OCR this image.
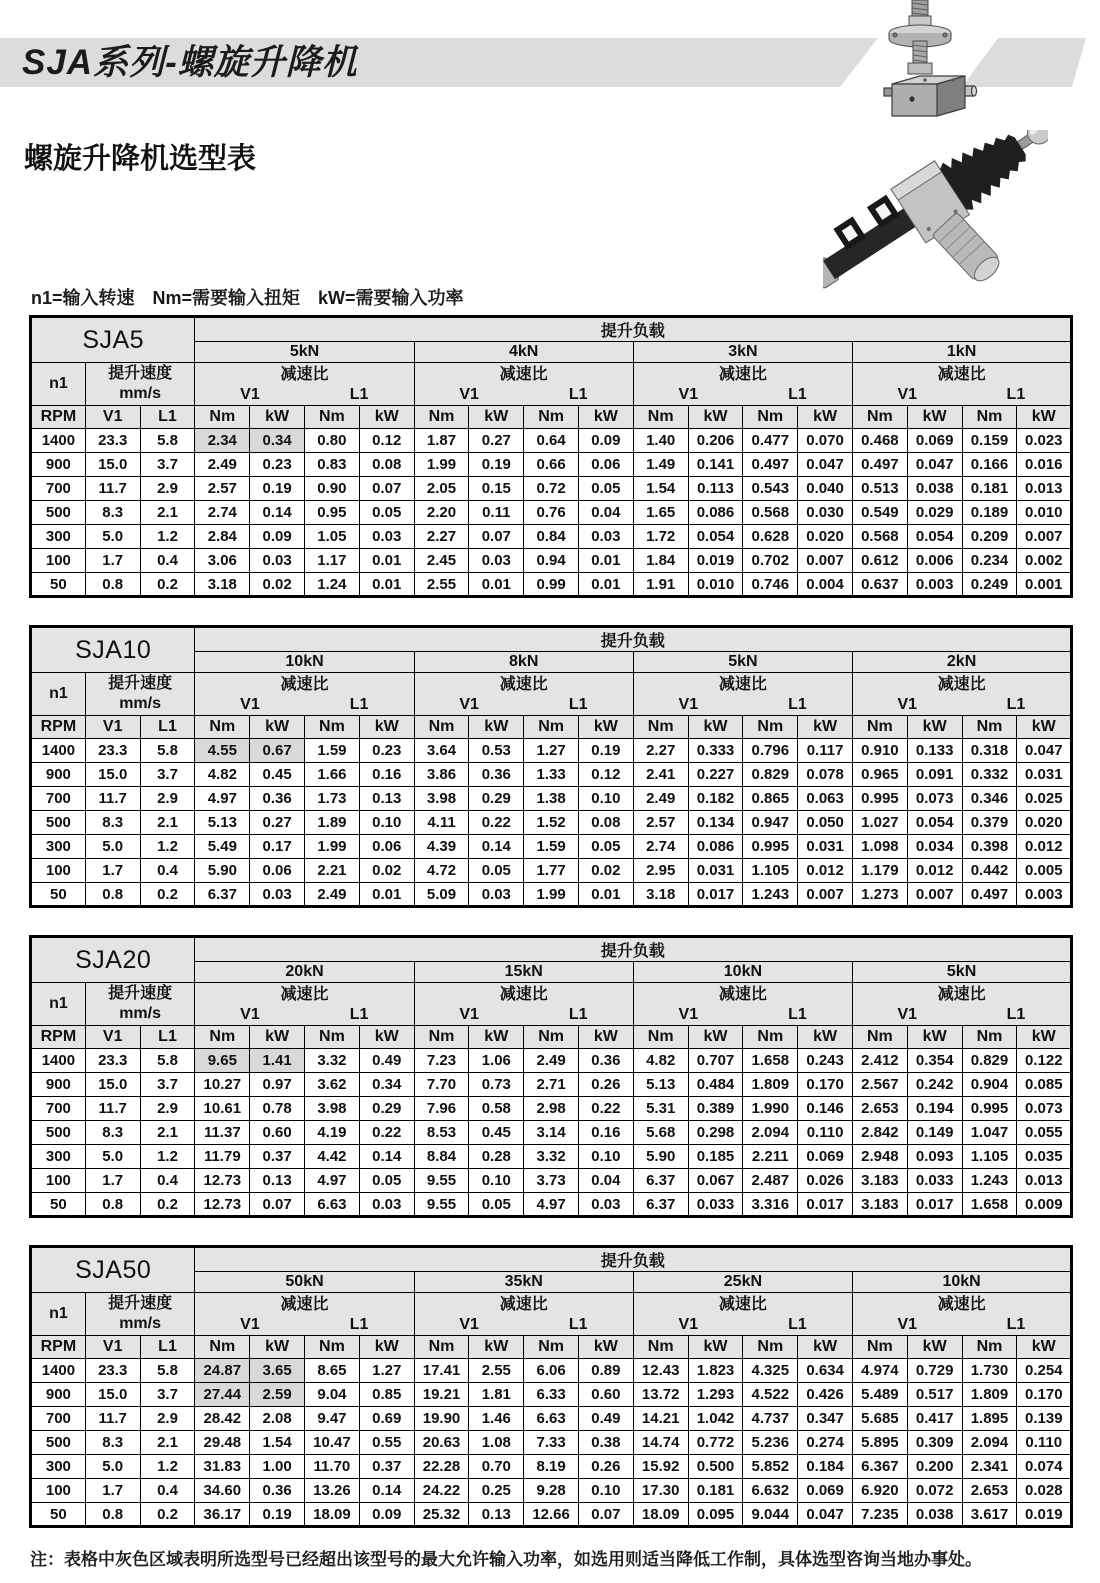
SJA系列-螺旋升降机
螺旋升降机选型表
n1=输入转速　Nm=需要输入扭矩　kW=需要输入功率
SJA5			提升负载															
			5kN				4kN				3kN				1kN			
n1	
提升速度
mm/s

减速比
V1	L1

减速比
V1	L1

减速比
V1	L1

减速比
V1	L1

RPM	V1	L1	Nm	kW	Nm	kW	Nm	kW	Nm	kW	Nm	kW	Nm	kW	Nm	kW	Nm	kW
1400	23.3	5.8	2.34	0.34	0.80	0.12	1.87	0.27	0.64	0.09	1.40	0.206	0.477	0.070	0.468	0.069	0.159	0.023
900	15.0	3.7	2.49	0.23	0.83	0.08	1.99	0.19	0.66	0.06	1.49	0.141	0.497	0.047	0.497	0.047	0.166	0.016
700	11.7	2.9	2.57	0.19	0.90	0.07	2.05	0.15	0.72	0.05	1.54	0.113	0.543	0.040	0.513	0.038	0.181	0.013
500	8.3	2.1	2.74	0.14	0.95	0.05	2.20	0.11	0.76	0.04	1.65	0.086	0.568	0.030	0.549	0.029	0.189	0.010
300	5.0	1.2	2.84	0.09	1.05	0.03	2.27	0.07	0.84	0.03	1.72	0.054	0.628	0.020	0.568	0.054	0.209	0.007
100	1.7	0.4	3.06	0.03	1.17	0.01	2.45	0.03	0.94	0.01	1.84	0.019	0.702	0.007	0.612	0.006	0.234	0.002
50	0.8	0.2	3.18	0.02	1.24	0.01	2.55	0.01	0.99	0.01	1.91	0.010	0.746	0.004	0.637	0.003	0.249	0.001
SJA10			提升负载															
			10kN				8kN				5kN				2kN			
n1	
提升速度
mm/s

减速比
V1	L1

减速比
V1	L1

减速比
V1	L1

减速比
V1	L1

RPM	V1	L1	Nm	kW	Nm	kW	Nm	kW	Nm	kW	Nm	kW	Nm	kW	Nm	kW	Nm	kW
1400	23.3	5.8	4.55	0.67	1.59	0.23	3.64	0.53	1.27	0.19	2.27	0.333	0.796	0.117	0.910	0.133	0.318	0.047
900	15.0	3.7	4.82	0.45	1.66	0.16	3.86	0.36	1.33	0.12	2.41	0.227	0.829	0.078	0.965	0.091	0.332	0.031
700	11.7	2.9	4.97	0.36	1.73	0.13	3.98	0.29	1.38	0.10	2.49	0.182	0.865	0.063	0.995	0.073	0.346	0.025
500	8.3	2.1	5.13	0.27	1.89	0.10	4.11	0.22	1.52	0.08	2.57	0.134	0.947	0.050	1.027	0.054	0.379	0.020
300	5.0	1.2	5.49	0.17	1.99	0.06	4.39	0.14	1.59	0.05	2.74	0.086	0.995	0.031	1.098	0.034	0.398	0.012
100	1.7	0.4	5.90	0.06	2.21	0.02	4.72	0.05	1.77	0.02	2.95	0.031	1.105	0.012	1.179	0.012	0.442	0.005
50	0.8	0.2	6.37	0.03	2.49	0.01	5.09	0.03	1.99	0.01	3.18	0.017	1.243	0.007	1.273	0.007	0.497	0.003
SJA20			提升负载															
			20kN				15kN				10kN				5kN			
n1	
提升速度
mm/s

减速比
V1	L1

减速比
V1	L1

减速比
V1	L1

减速比
V1	L1

RPM	V1	L1	Nm	kW	Nm	kW	Nm	kW	Nm	kW	Nm	kW	Nm	kW	Nm	kW	Nm	kW
1400	23.3	5.8	9.65	1.41	3.32	0.49	7.23	1.06	2.49	0.36	4.82	0.707	1.658	0.243	2.412	0.354	0.829	0.122
900	15.0	3.7	10.27	0.97	3.62	0.34	7.70	0.73	2.71	0.26	5.13	0.484	1.809	0.170	2.567	0.242	0.904	0.085
700	11.7	2.9	10.61	0.78	3.98	0.29	7.96	0.58	2.98	0.22	5.31	0.389	1.990	0.146	2.653	0.194	0.995	0.073
500	8.3	2.1	11.37	0.60	4.19	0.22	8.53	0.45	3.14	0.16	5.68	0.298	2.094	0.110	2.842	0.149	1.047	0.055
300	5.0	1.2	11.79	0.37	4.42	0.14	8.84	0.28	3.32	0.10	5.90	0.185	2.211	0.069	2.948	0.093	1.105	0.035
100	1.7	0.4	12.73	0.13	4.97	0.05	9.55	0.10	3.73	0.04	6.37	0.067	2.487	0.026	3.183	0.033	1.243	0.013
50	0.8	0.2	12.73	0.07	6.63	0.03	9.55	0.05	4.97	0.03	6.37	0.033	3.316	0.017	3.183	0.017	1.658	0.009
SJA50			提升负载															
			50kN				35kN				25kN				10kN			
n1	
提升速度
mm/s

减速比
V1	L1

减速比
V1	L1

减速比
V1	L1

减速比
V1	L1

RPM	V1	L1	Nm	kW	Nm	kW	Nm	kW	Nm	kW	Nm	kW	Nm	kW	Nm	kW	Nm	kW
1400	23.3	5.8	24.87	3.65	8.65	1.27	17.41	2.55	6.06	0.89	12.43	1.823	4.325	0.634	4.974	0.729	1.730	0.254
900	15.0	3.7	27.44	2.59	9.04	0.85	19.21	1.81	6.33	0.60	13.72	1.293	4.522	0.426	5.489	0.517	1.809	0.170
700	11.7	2.9	28.42	2.08	9.47	0.69	19.90	1.46	6.63	0.49	14.21	1.042	4.737	0.347	5.685	0.417	1.895	0.139
500	8.3	2.1	29.48	1.54	10.47	0.55	20.63	1.08	7.33	0.38	14.74	0.772	5.236	0.274	5.895	0.309	2.094	0.110
300	5.0	1.2	31.83	1.00	11.70	0.37	22.28	0.70	8.19	0.26	15.92	0.500	5.852	0.184	6.367	0.200	2.341	0.074
100	1.7	0.4	34.60	0.36	13.26	0.14	24.22	0.25	9.28	0.10	17.30	0.181	6.632	0.069	6.920	0.072	2.653	0.028
50	0.8	0.2	36.17	0.19	18.09	0.09	25.32	0.13	12.66	0.07	18.09	0.095	9.044	0.047	7.235	0.038	3.617	0.019
注：表格中灰色区域表明所选型号已经超出该型号的最大允许输入功率，如选用则适当降低工作制，具体选型咨询当地办事处。
